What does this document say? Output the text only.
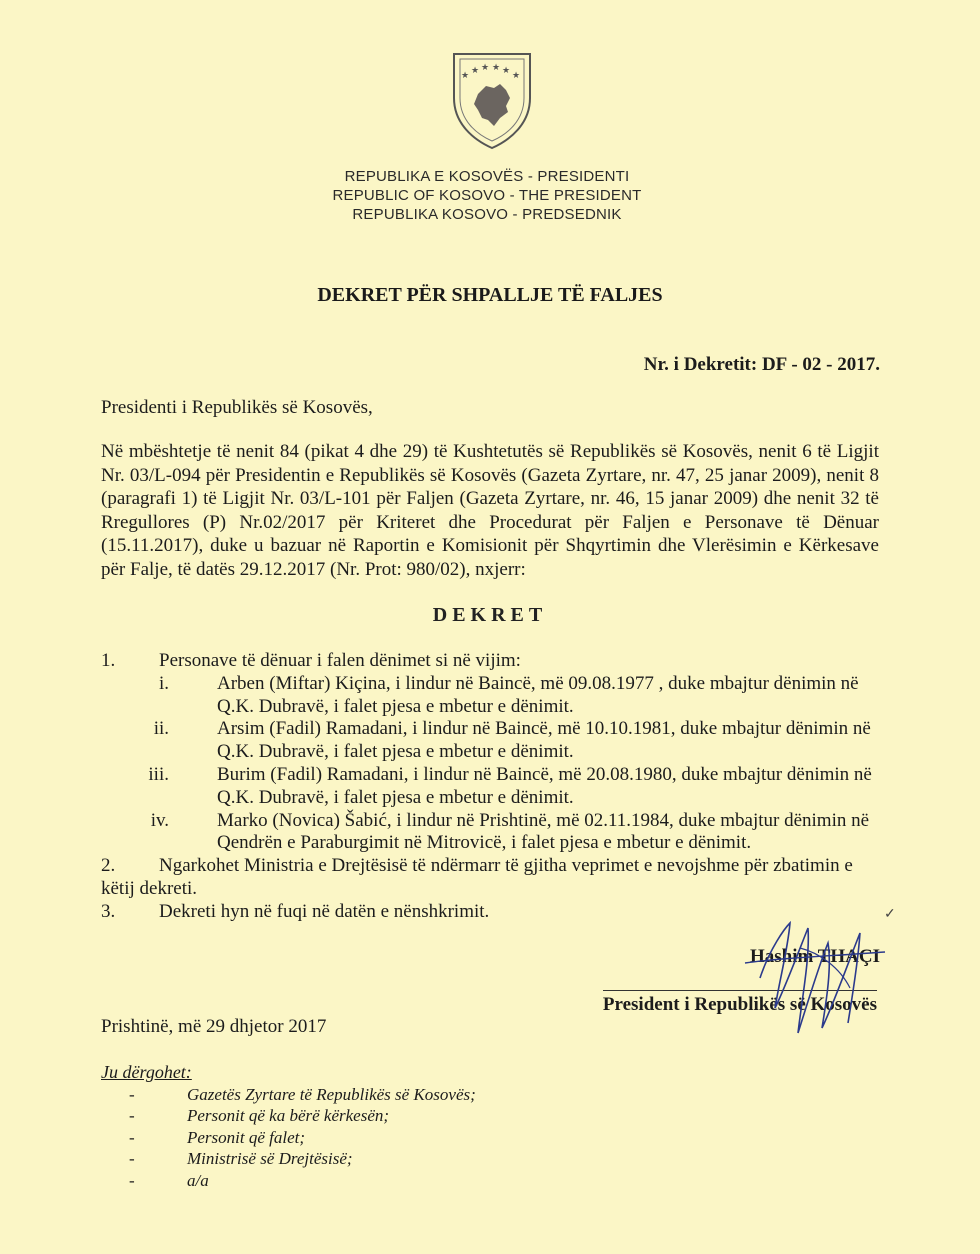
★ ★ ★ ★ ★ ★
REPUBLIKA E KOSOVËS - PRESIDENTI
REPUBLIC OF KOSOVO - THE PRESIDENT
REPUBLIKA KOSOVO - PREDSEDNIK
DEKRET PËR SHPALLJE TË FALJES
Nr. i Dekretit: DF - 02 - 2017.
Presidenti i Republikës së Kosovës,
Në mbështetje të nenit 84 (pikat 4 dhe 29) të Kushtetutës së Republikës së Kosovës, nenit 6 të Ligjit Nr. 03/L-094 për Presidentin e Republikës së Kosovës (Gazeta Zyrtare, nr. 47, 25 janar 2009), nenit 8 (paragrafi 1) të Ligjit Nr. 03/L-101 për Faljen (Gazeta Zyrtare, nr. 46, 15 janar 2009) dhe nenit 32 të Rregullores (P) Nr.02/2017 për Kriteret dhe Procedurat për Faljen e Personave të Dënuar (15.11.2017), duke u bazuar në Raportin e Komisionit për Shqyrtimin dhe Vlerësimin e Kërkesave për Falje, të datës 29.12.2017 (Nr. Prot: 980/02), nxjerr:
DEKRET
1.	Personave të dënuar i falen dënimet si në vijim:
i.	Arben (Miftar) Kiçina, i lindur në Baincë, më 09.08.1977 , duke mbajtur dënimin në Q.K. Dubravë, i falet pjesa e mbetur e dënimit.
ii.	Arsim (Fadil) Ramadani, i lindur në Baincë, më 10.10.1981, duke mbajtur dënimin në Q.K. Dubravë, i falet pjesa e mbetur e dënimit.
iii.	Burim (Fadil) Ramadani, i lindur në Baincë, më 20.08.1980, duke mbajtur dënimin në Q.K. Dubravë, i falet pjesa e mbetur e dënimit.
iv.	Marko (Novica) Šabić, i lindur në Prishtinë, më 02.11.1984, duke mbajtur dënimin në Qendrën e Paraburgimit në Mitrovicë, i falet pjesa e mbetur e dënimit.
2.	Ngarkohet Ministria e Drejtësisë të ndërmarr të gjitha veprimet e nevojshme për zbatimin e këtij dekreti.
3.	Dekreti hyn në fuqi në datën e nënshkrimit.
Hashim THAÇI
President i Republikës së Kosovës
✓
Prishtinë, më 29 dhjetor 2017
Ju dërgohet:
-	Gazetës Zyrtare të Republikës së Kosovës;
-	Personit që ka bërë kërkesën;
-	Personit që falet;
-	Ministrisë së Drejtësisë;
-	a/a
